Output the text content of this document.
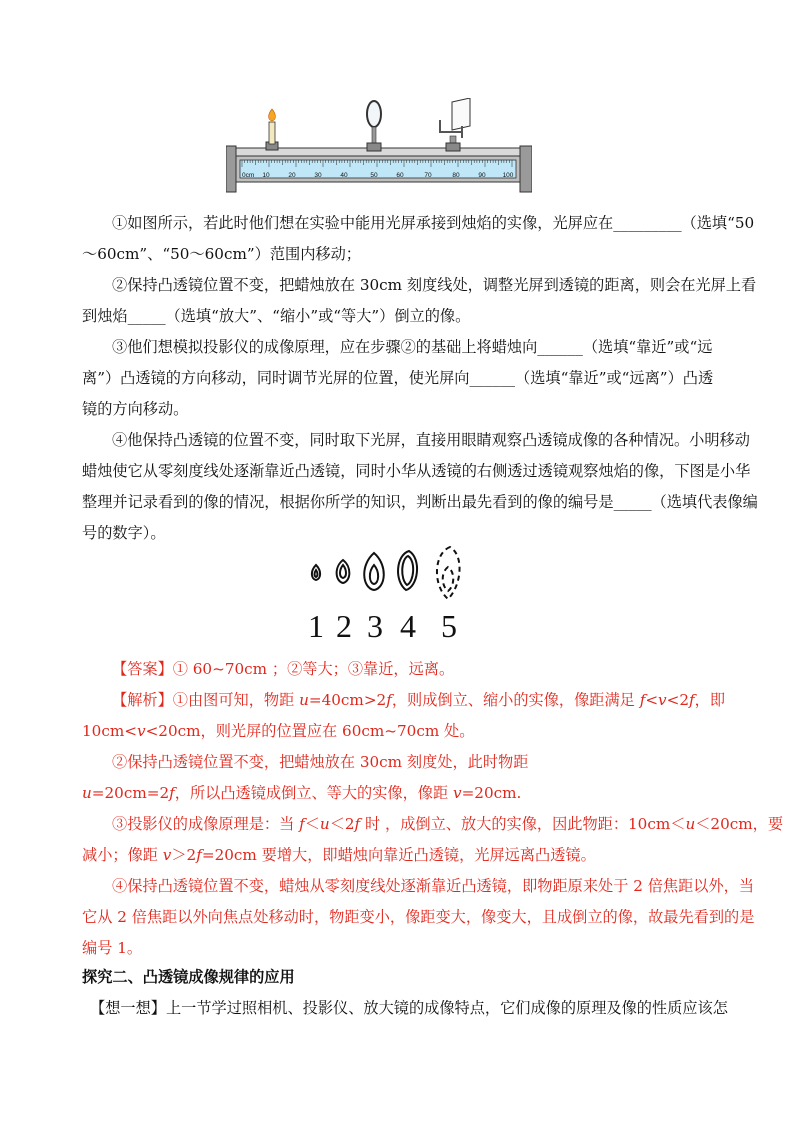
0cm 10	20	30	40	50	60	70	80	90	100
①如图所示，若此时他们想在实验中能用光屏承接到烛焰的实像，光屏应在_________（选填“50
～60cm”、“50～60cm”）范围内移动；
②保持凸透镜位置不变，把蜡烛放在 30cm 刻度线处，调整光屏到透镜的距离，则会在光屏上看
到烛焰_____（选填“放大”、“缩小”或“等大”）倒立的像。
③他们想模拟投影仪的成像原理，应在步骤②的基础上将蜡烛向______（选填“靠近”或“远
离”）凸透镜的方向移动，同时调节光屏的位置，使光屏向______（选填“靠近”或“远离”）凸透
镜的方向移动。
④他保持凸透镜的位置不变，同时取下光屏，直接用眼睛观察凸透镜成像的各种情况。小明移动
蜡烛使它从零刻度线处逐渐靠近凸透镜，同时小华从透镜的右侧透过透镜观察烛焰的像，下图是小华
整理并记录看到的像的情况，根据你所学的知识，判断出最先看到的像的编号是_____（选填代表像编
号的数字）。
1 2 3 4 5
【答案】① 60~70cm ；②等大；③靠近，远离。
【解析】①由图可知，物距 u=40cm>2f，则成倒立、缩小的实像，像距满足 f<v<2f，即
10cm<v<20cm，则光屏的位置应在 60cm~70cm 处。
②保持凸透镜位置不变，把蜡烛放在 30cm 刻度处，此时物距
u=20cm=2f，所以凸透镜成倒立、等大的实像，像距 v=20cm.
③投影仪的成像原理是：当 f＜u＜2f 时 ，成倒立、放大的实像，因此物距：10cm＜u＜20cm，要
减小；像距 v＞2f=20cm 要增大，即蜡烛向靠近凸透镜，光屏远离凸透镜。
④保持凸透镜位置不变，蜡烛从零刻度线处逐渐靠近凸透镜，即物距原来处于 2 倍焦距以外，当
它从 2 倍焦距以外向焦点处移动时，物距变小，像距变大，像变大，且成倒立的像，故最先看到的是
编号 1。
探究二、凸透镜成像规律的应用
【想一想】上一节学过照相机、投影仪、放大镜的成像特点，它们成像的原理及像的性质应该怎
